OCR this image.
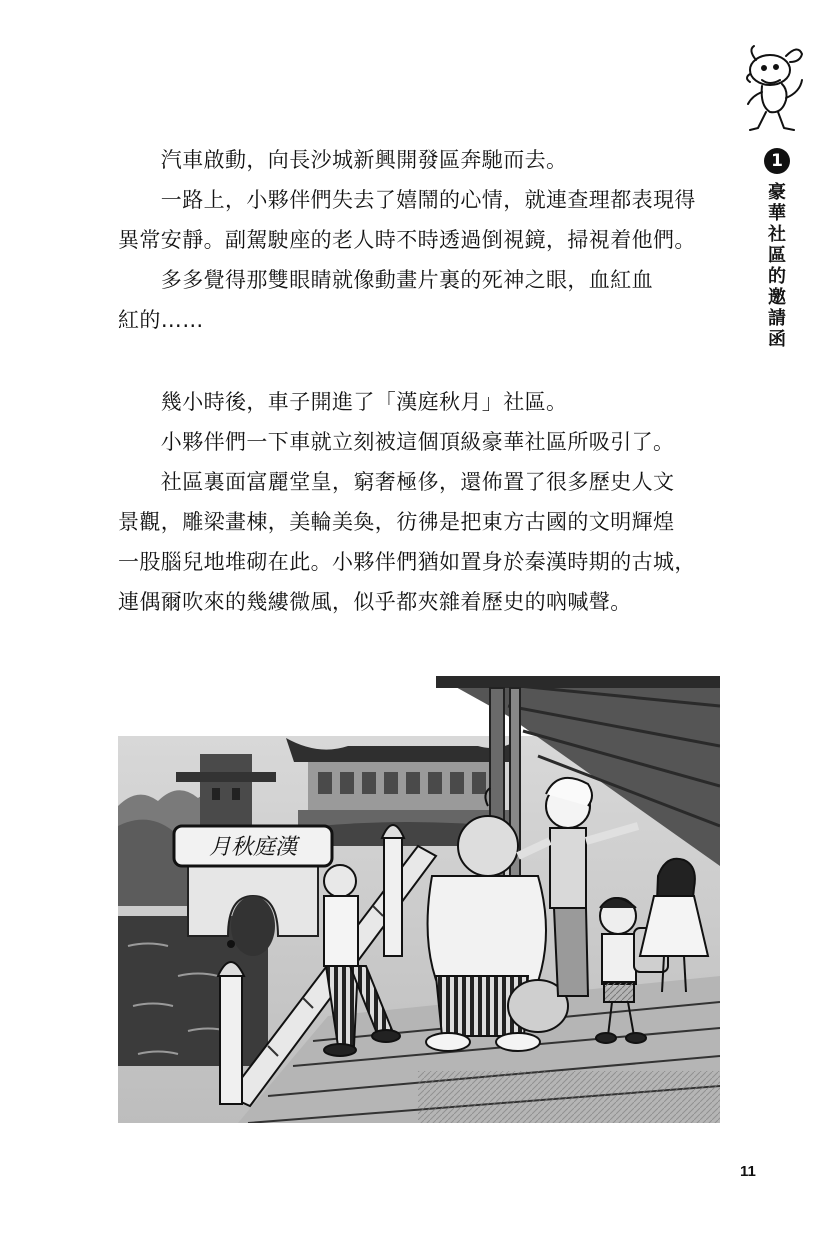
1
豪
華
社
區
的
邀
請
函
　　汽車啟動，向長沙城新興開發區奔馳而去。
　　一路上，小夥伴們失去了嬉鬧的心情，就連查理都表現得
異常安靜。副駕駛座的老人時不時透過倒視鏡，掃視着他們。
　　多多覺得那雙眼睛就像動畫片裏的死神之眼，血紅血
紅的……
　　幾小時後，車子開進了「漢庭秋月」社區。
　　小夥伴們一下車就立刻被這個頂級豪華社區所吸引了。
　　社區裏面富麗堂皇，窮奢極侈，還佈置了很多歷史人文
景觀，雕梁畫棟，美輪美奐，彷彿是把東方古國的文明輝煌
一股腦兒地堆砌在此。小夥伴們猶如置身於秦漢時期的古城，
連偶爾吹來的幾縷微風，似乎都夾雜着歷史的吶喊聲。
月秋庭漢
11
